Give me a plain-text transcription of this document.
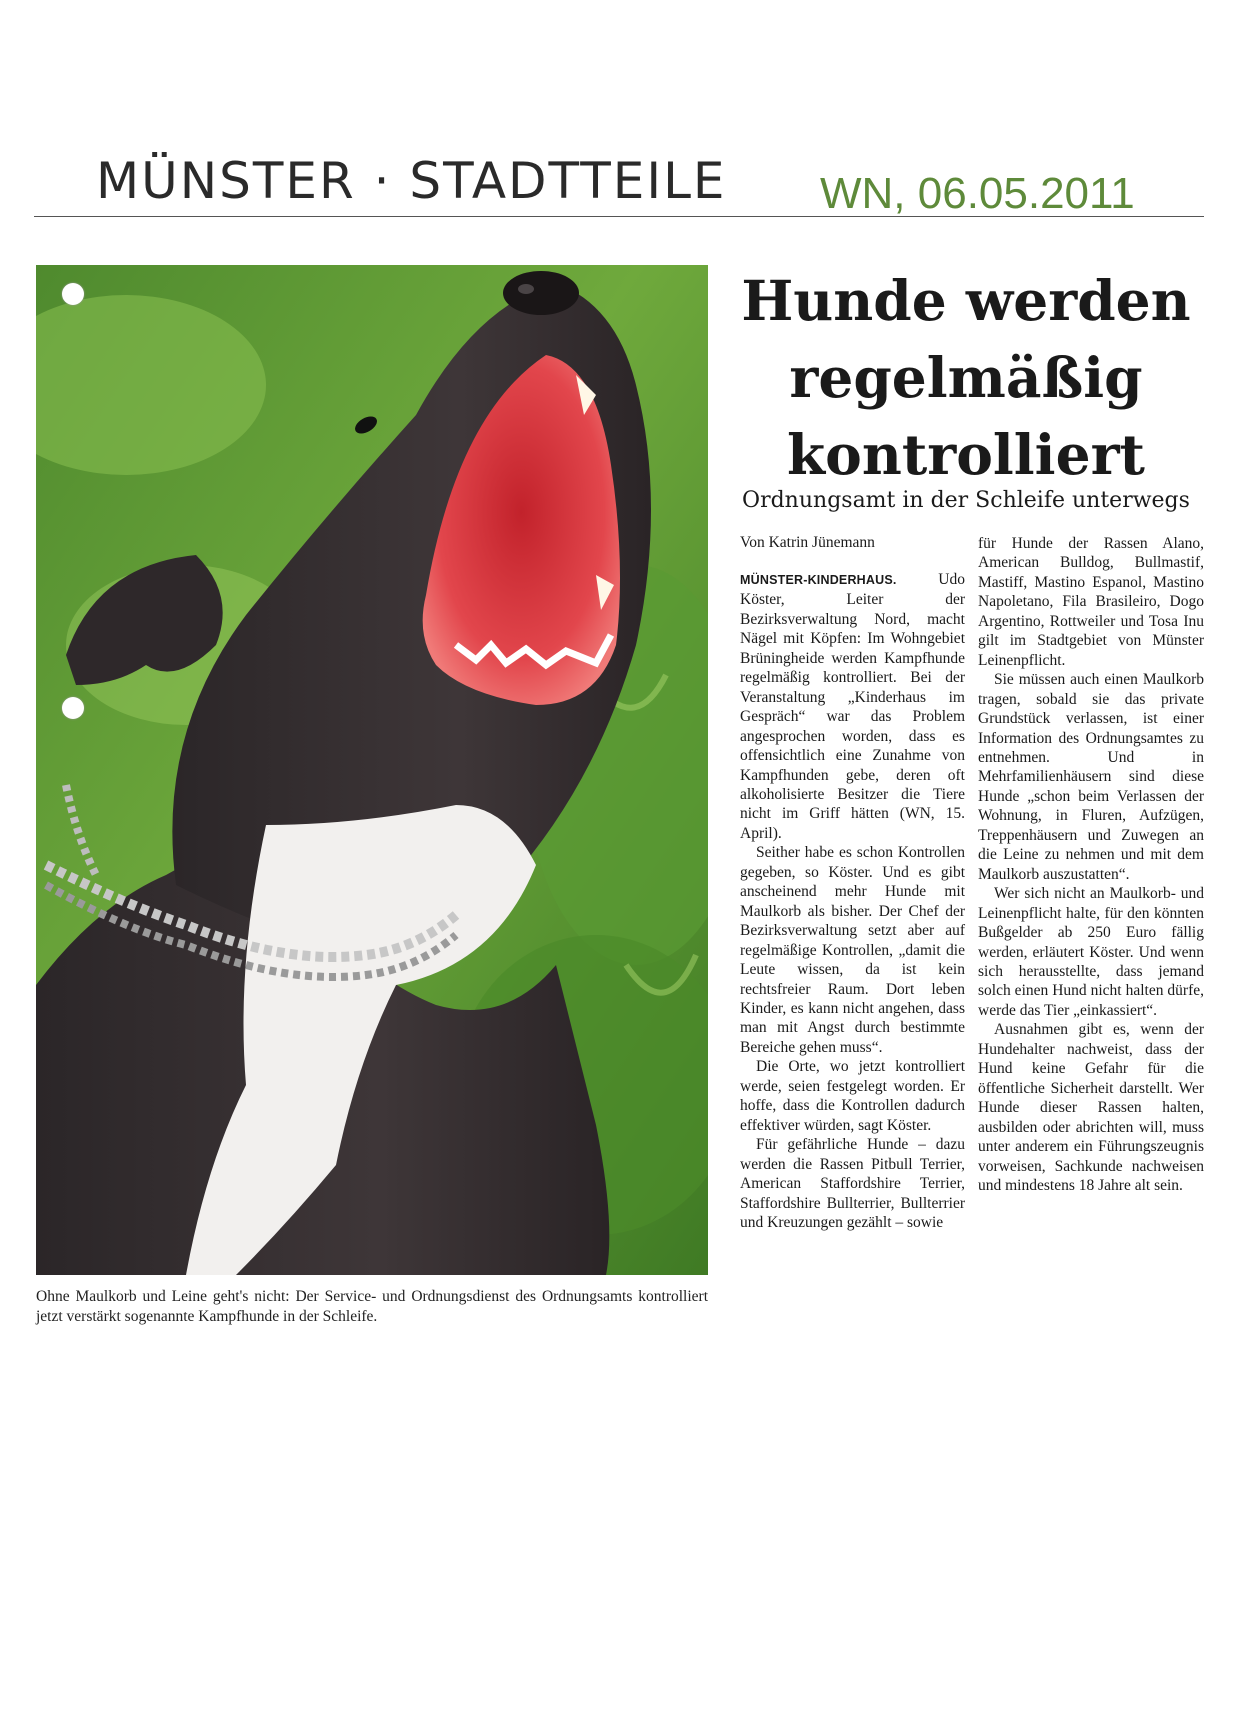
MÜNSTER · STADTTEILE WN, 06.05.2011

Ohne Maulkorb und Leine geht's nicht: Der Service- und Ordnungsdienst des Ordnungsamts kontrolliert jetzt verstärkt sogenannte Kampfhunde in der Schleife.

Hunde werden regelmäßig kontrolliert
Ordnungsamt in der Schleife unterwegs
Von Katrin Jünemann

MÜNSTER-KINDERHAUS.	Udo Köster, Leiter der Bezirksverwaltung Nord, macht Nägel mit Köpfen: Im Wohngebiet Brüningheide werden Kampfhunde regelmäßig kontrolliert. Bei der Veranstaltung „Kinderhaus im Gespräch“ war das Problem angesprochen worden, dass es offensichtlich eine Zunahme von Kampfhunden gebe, deren oft alkoholisierte Besitzer die Tiere nicht im Griff hätten (WN, 15. April).

Seither habe es schon Kontrollen gegeben, so Köster. Und es gibt anscheinend mehr Hunde mit Maulkorb als bisher. Der Chef der Bezirksverwaltung setzt aber auf regelmäßige Kontrollen, „damit die Leute wissen, da ist kein rechtsfreier Raum. Dort leben Kinder, es kann nicht angehen, dass man mit Angst durch bestimmte Bereiche gehen muss“.

Die Orte, wo jetzt kontrolliert werde, seien festgelegt worden. Er hoffe, dass die Kontrollen dadurch effektiver würden, sagt Köster.

Für gefährliche Hunde – dazu werden die Rassen Pitbull Terrier, American Staffordshire Terrier, Staffordshire Bullterrier, Bullterrier und Kreuzungen gezählt – sowie

für Hunde der Rassen Alano, American Bulldog, Bullmastif, Mastiff, Mastino Espanol, Mastino Napoletano, Fila Brasileiro, Dogo Argentino, Rottweiler und Tosa Inu gilt im Stadtgebiet von Münster Leinenpflicht.

Sie müssen auch einen Maulkorb tragen, sobald sie das private Grundstück verlassen, ist einer Information des Ordnungsamtes zu entnehmen. Und in Mehrfamilienhäusern sind diese Hunde „schon beim Verlassen der Wohnung, in Fluren, Aufzügen, Treppenhäusern und Zuwegen an die Leine zu nehmen und mit dem Maulkorb auszustatten“.

Wer sich nicht an Maulkorb- und Leinenpflicht halte, für den könnten Bußgelder ab 250 Euro fällig werden, erläutert Köster. Und wenn sich herausstellte, dass jemand solch einen Hund nicht halten dürfe, werde das Tier „einkassiert“.

Ausnahmen gibt es, wenn der Hundehalter nachweist, dass der Hund keine Gefahr für die öffentliche Sicherheit darstellt. Wer Hunde dieser Rassen halten, ausbilden oder abrichten will, muss unter anderem ein Führungszeugnis vorweisen, Sachkunde nachweisen und mindestens 18 Jahre alt sein.
